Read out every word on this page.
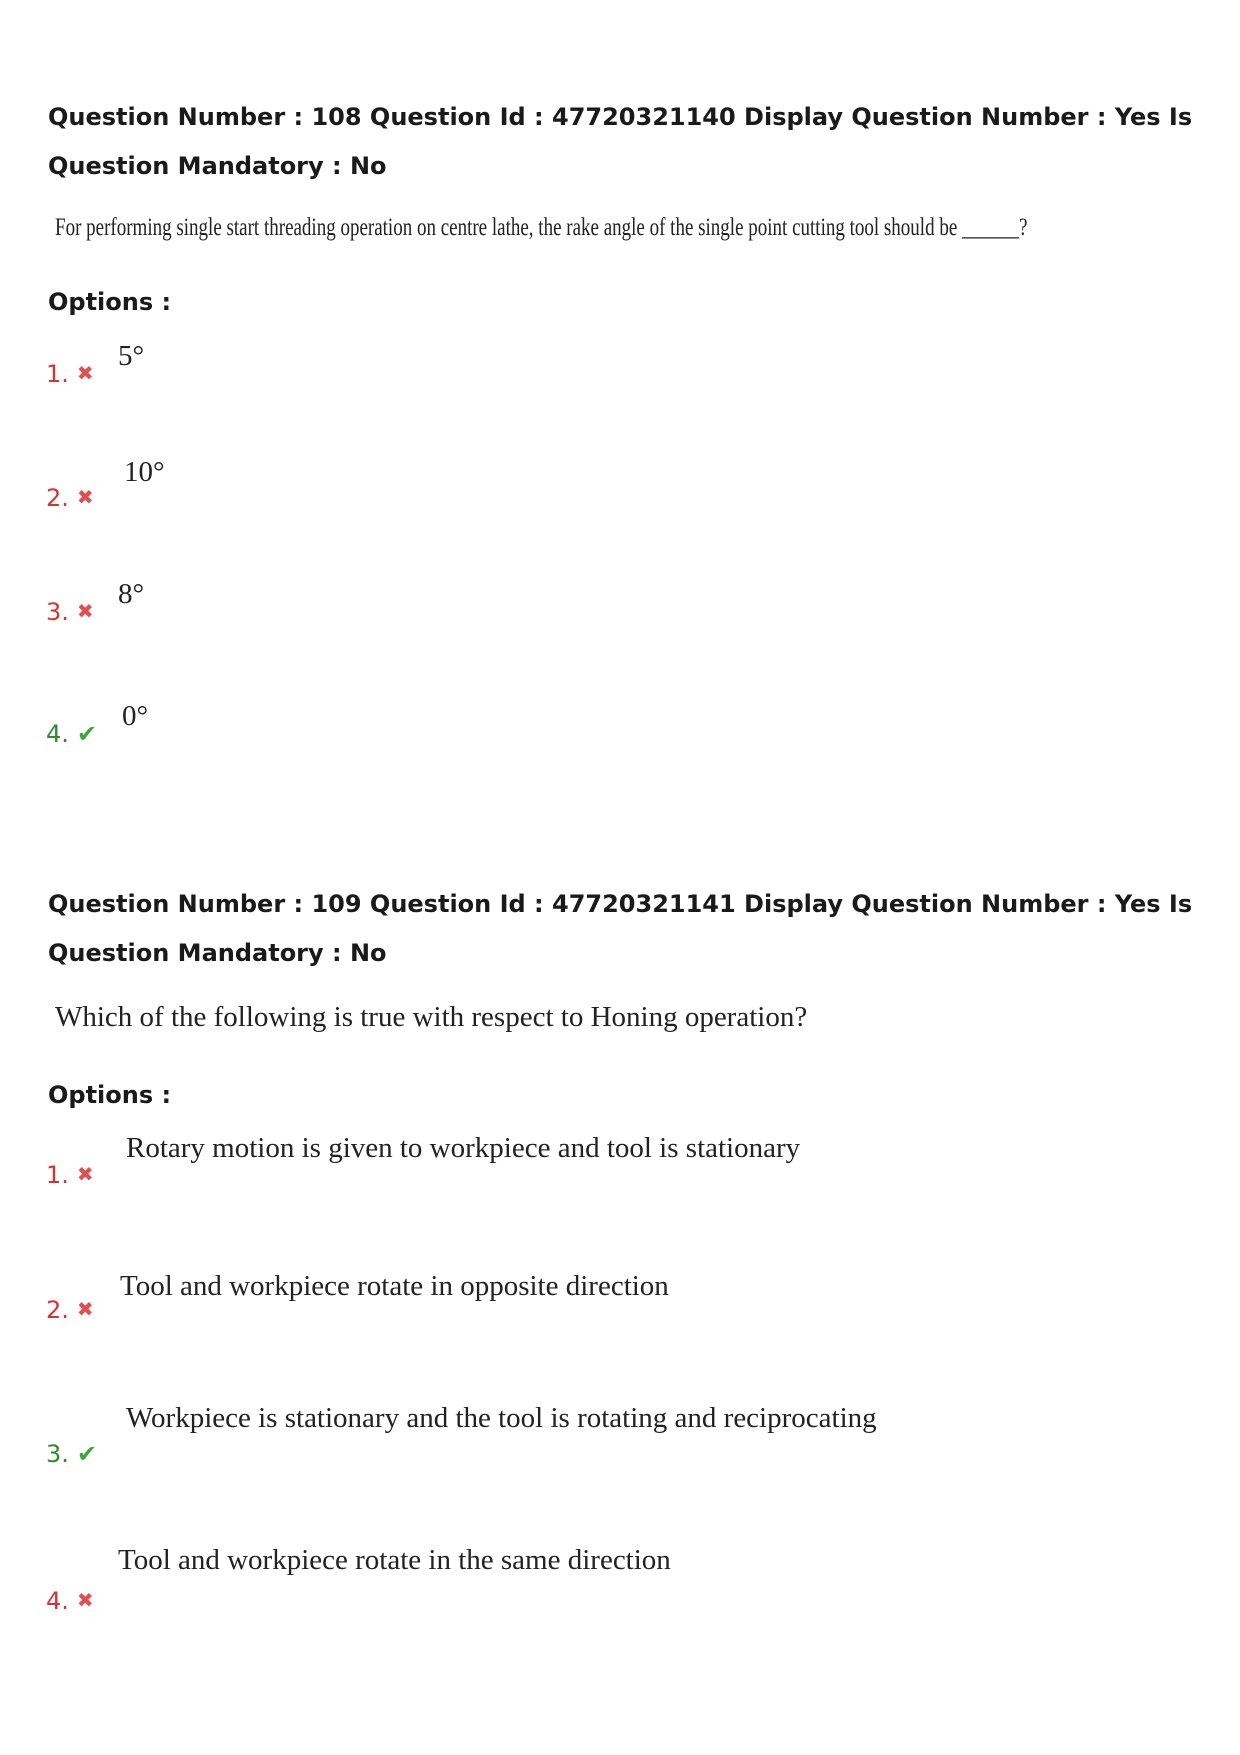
Question Number : 108 Question Id : 47720321140 Display Question Number : Yes Is Question Mandatory : No
For performing single start threading operation on centre lathe, the rake angle of the single point cutting tool should be ______?
Options :
1. ✖
5°
2. ✖
10°
3. ✖
8°
4. ✔
0°
Question Number : 109 Question Id : 47720321141 Display Question Number : Yes Is Question Mandatory : No
Which of the following is true with respect to Honing operation?
Options :
1. ✖
Rotary motion is given to workpiece and tool is stationary
2. ✖
Tool and workpiece rotate in opposite direction
3. ✔
Workpiece is stationary and the tool is rotating and reciprocating
4. ✖
Tool and workpiece rotate in the same direction
